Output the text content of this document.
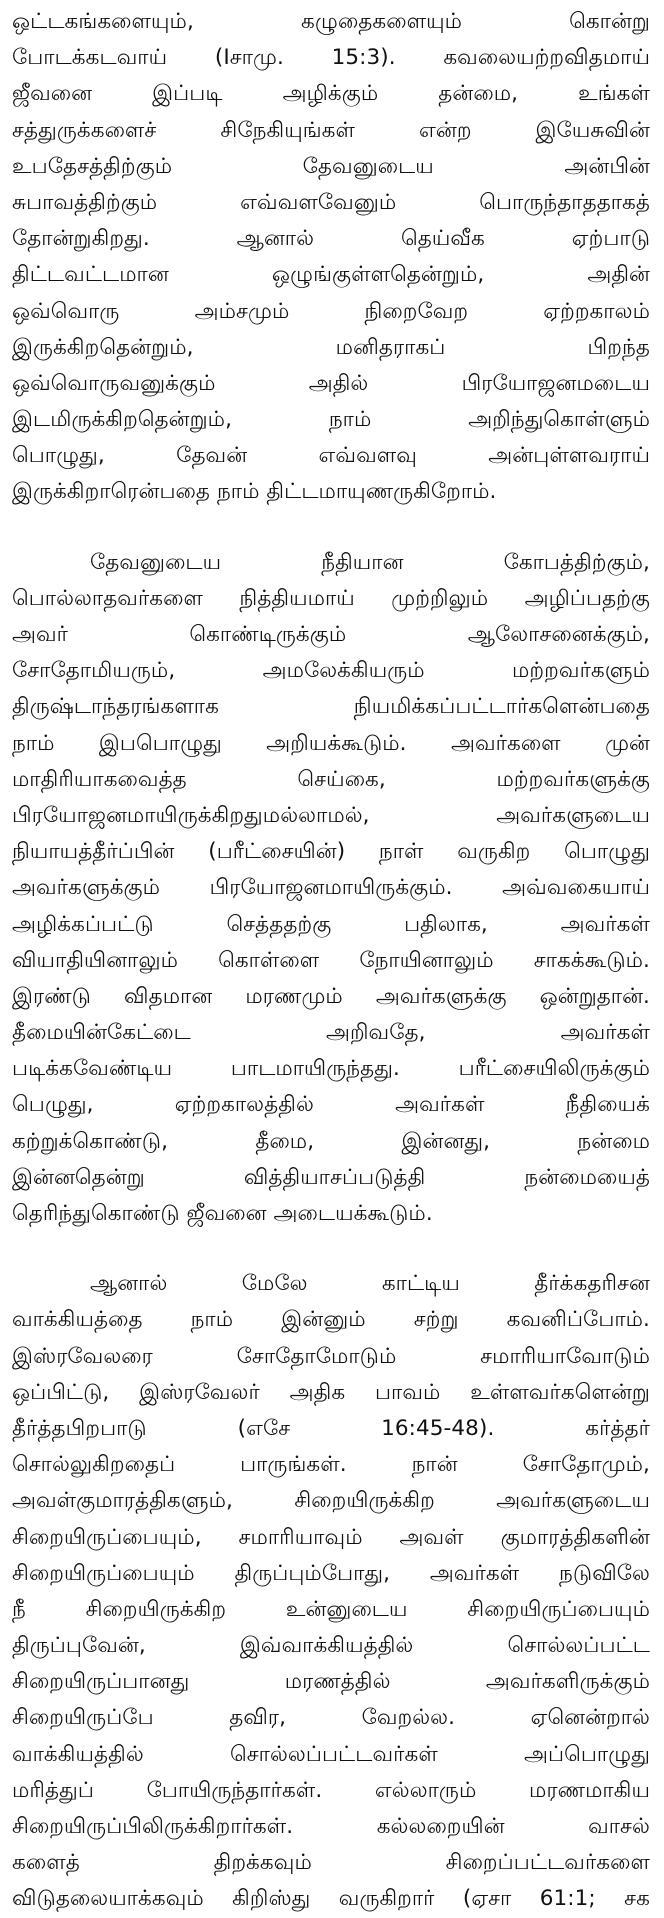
ஒட்டகங்களையும், கழுதைகளையும் கொன்று
போடக்கடவாய் (Iசாமு. 15:3). கவலையற்றவிதமாய்
ஜீவனை இப்படி அழிக்கும் தன்மை, உங்கள்
சத்துருக்களைச் சிநேகியுங்கள் என்ற இயேசுவின்
உபதேசத்திற்கும் தேவனுடைய அன்பின்
சுபாவத்திற்கும் எவ்வளவேனும் பொருந்தாததாகத்
தோன்றுகிறது. ஆனால் தெய்வீக ஏற்பாடு
திட்டவட்டமான ஒழுங்குள்ளதென்றும், அதின்
ஒவ்வொரு அம்சமும் நிறைவேற ஏற்றகாலம்
இருக்கிறதென்றும், மனிதராகப் பிறந்த
ஒவ்வொருவனுக்கும் அதில் பிரயோஜனமடைய
இடமிருக்கிறதென்றும், நாம் அறிந்துகொள்ளும்
பொழுது, தேவன் எவ்வளவு அன்புள்ளவராய்
இருக்கிறாரென்பதை நாம் திட்டமாயுணருகிறோம்.
தேவனுடைய நீதியான கோபத்திற்கும்,
பொல்லாதவர்களை நித்தியமாய் முற்றிலும் அழிப்பதற்கு
அவர் கொண்டிருக்கும் ஆலோசனைக்கும்,
சோதோமியரும், அமலேக்கியரும் மற்றவர்களும்
திருஷ்டாந்தரங்களாக நியமிக்கப்பட்டார்களென்பதை
நாம் இபபொழுது அறியக்கூடும். அவர்களை முன்
மாதிரியாகவைத்த செய்கை, மற்றவர்களுக்கு
பிரயோஜனமாயிருக்கிறதுமல்லாமல், அவர்களுடைய
நியாயத்தீர்ப்பின் (பரீட்சையின்) நாள் வருகிற பொழுது
அவர்களுக்கும் பிரயோஜனமாயிருக்கும். அவ்வகையாய்
அழிக்கப்பட்டு செத்ததற்கு பதிலாக, அவர்கள்
வியாதியினாலும் கொள்ளை நோயினாலும் சாகக்கூடும்.
இரண்டு விதமான மரணமும் அவர்களுக்கு ஒன்றுதான்.
தீமையின்கேட்டை அறிவதே, அவர்கள்
படிக்கவேண்டிய பாடமாயிருந்தது. பரீட்சையிலிருக்கும்
பெழுது, ஏற்றகாலத்தில் அவர்கள் நீதியைக்
கற்றுக்கொண்டு, தீமை, இன்னது, நன்மை
இன்னதென்று வித்தியாசப்படுத்தி நன்மையைத்
தெரிந்துகொண்டு ஜீவனை அடையக்கூடும்.
ஆனால் மேலே காட்டிய தீர்க்கதரிசன
வாக்கியத்தை நாம் இன்னும் சற்று கவனிப்போம்.
இஸ்ரவேலரை சோதோமோடும் சமாரியாவோடும்
ஒப்பிட்டு, இஸ்ரவேலர் அதிக பாவம் உள்ளவர்களென்று
தீர்த்தபிறபாடு (எசே 16:45-48). கர்த்தர்
சொல்லுகிறதைப் பாருங்கள். நான் சோதோமும்,
அவள்குமாரத்திகளும், சிறையிருக்கிற அவர்களுடைய
சிறையிருப்பையும், சமாரியாவும் அவள் குமாரத்திகளின்
சிறையிருப்பையும் திருப்பும்போது, அவர்கள் நடுவிலே
நீ சிறையிருக்கிற உன்னுடைய சிறையிருப்பையும்
திருப்புவேன், இவ்வாக்கியத்தில் சொல்லப்பட்ட
சிறையிருப்பானது மரணத்தில் அவர்களிருக்கும்
சிறையிருப்பே தவிர, வேறல்ல. ஏனென்றால்
வாக்கியத்தில் சொல்லப்பட்டவர்கள் அப்பொழுது
மரித்துப் போயிருந்தார்கள். எல்லாரும் மரணமாகிய
சிறையிருப்பிலிருக்கிறார்கள். கல்லறையின் வாசல்
களைத் திறக்கவும் சிறைப்பட்டவர்களை
விடுதலையாக்கவும் கிறிஸ்து வருகிறார் (ஏசா 61:1; சக
